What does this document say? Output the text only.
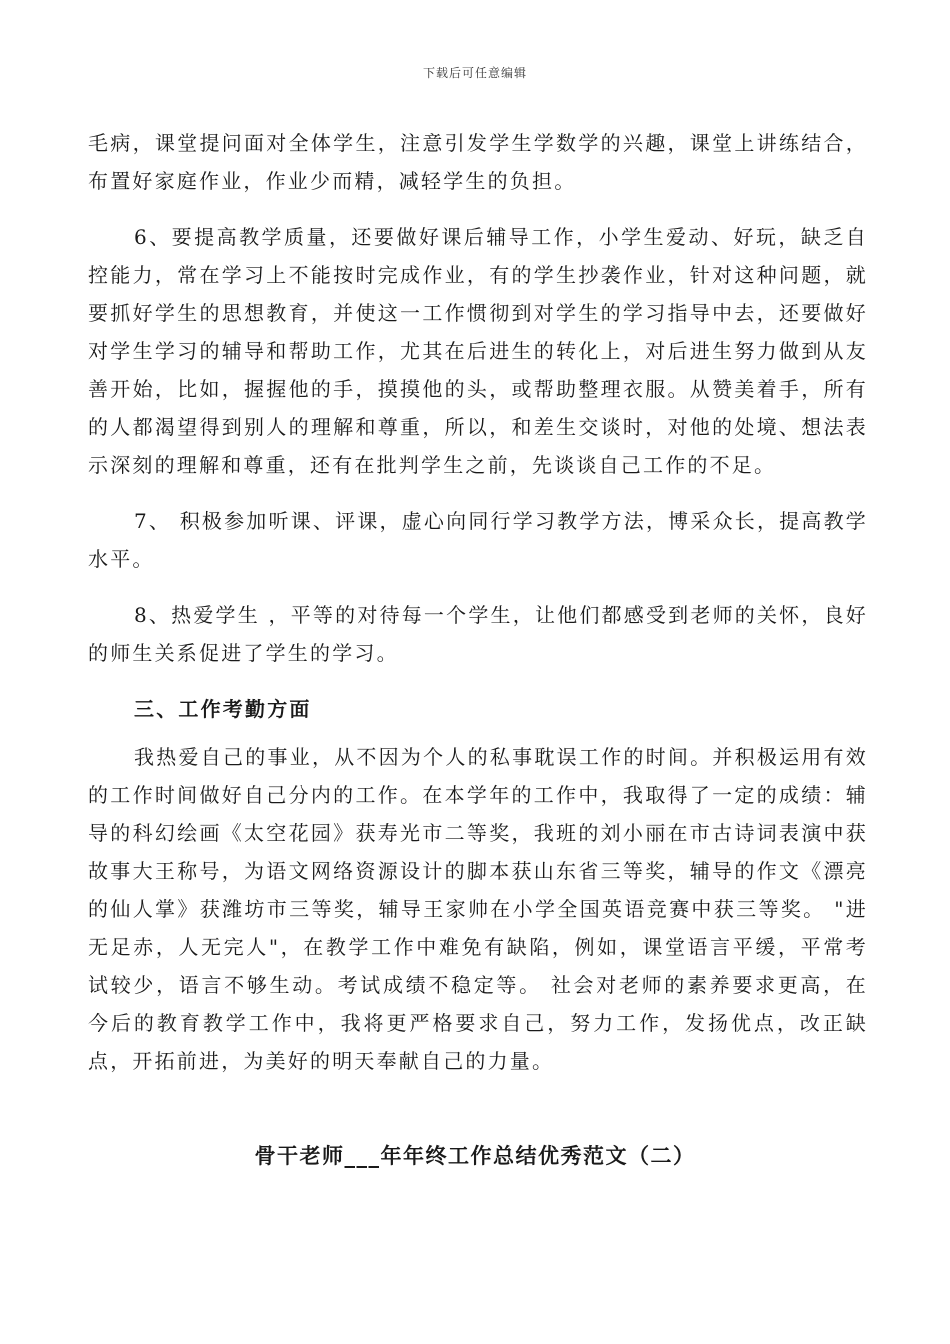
下载后可任意编辑

毛病，课堂提问面对全体学生，注意引发学生学数学的兴趣，课堂上讲练结合，布置好家庭作业，作业少而精，减轻学生的负担。

6、要提高教学质量，还要做好课后辅导工作，小学生爱动、好玩，缺乏自控能力，常在学习上不能按时完成作业，有的学生抄袭作业，针对这种问题，就要抓好学生的思想教育，并使这一工作惯彻到对学生的学习指导中去，还要做好对学生学习的辅导和帮助工作，尤其在后进生的转化上，对后进生努力做到从友善开始，比如，握握他的手，摸摸他的头，或帮助整理衣服。从赞美着手，所有的人都渴望得到别人的理解和尊重，所以，和差生交谈时，对他的处境、想法表示深刻的理解和尊重，还有在批判学生之前，先谈谈自己工作的不足。

7、 积极参加听课、评课，虚心向同行学习教学方法，博采众长，提高教学水平。

8、热爱学生 ，平等的对待每一个学生，让他们都感受到老师的关怀，良好的师生关系促进了学生的学习。

三、工作考勤方面

我热爱自己的事业，从不因为个人的私事耽误工作的时间。并积极运用有效的工作时间做好自己分内的工作。在本学年的工作中，我取得了一定的成绩：辅导的科幻绘画《太空花园》获寿光市二等奖，我班的刘小丽在市古诗词表演中获故事大王称号，为语文网络资源设计的脚本获山东省三等奖，辅导的作文《漂亮的仙人掌》获潍坊市三等奖，辅导王家帅在小学全国英语竞赛中获三等奖。 "进无足赤，人无完人"，在教学工作中难免有缺陷，例如，课堂语言平缓，平常考试较少，语言不够生动。考试成绩不稳定等。 社会对老师的素养要求更高，在今后的教育教学工作中，我将更严格要求自己，努力工作，发扬优点，改正缺点，开拓前进，为美好的明天奉献自己的力量。

骨干老师___年年终工作总结优秀范文（二）
